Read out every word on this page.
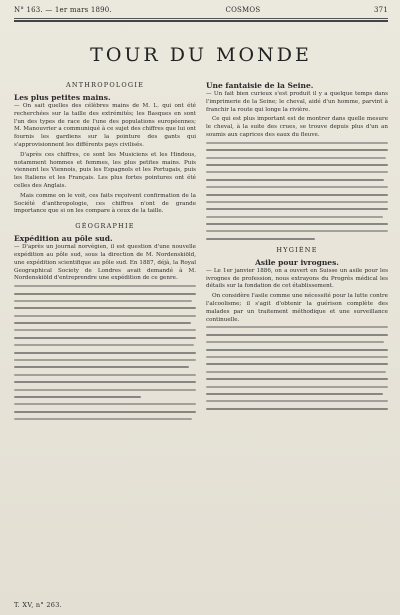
N° 163. — 1er mars 1890.	COSMOS	371
TOUR DU MONDE
ANTHROPOLOGIE
Les plus petites mains.

— On sait quelles des célèbres mains de M. L. qui ont été recherchées sur la taille des extrémités; les Basques en sont l'un des types de race de l'une des populations européennes; M. Manouvrier a communiqué à ce sujet des chiffres que lui ont fournis les gardiens sur la pointure des gants qui s'approvisionnent les différents pays civilisés.

D'après ces chiffres, ce sont les Musiciens et les Hindous, notamment hommes et femmes, les plus petites mains. Puis viennent les Viennois, puis les Espagnols et les Portugais, puis les Italiens et les Français. Les plus fortes pointures ont été celles des Anglais.

Mais comme on le voit, ces faits reçoivent confirmation de la Société d'anthropologie, ces chiffres n'ont de grande importance que si on les compare à ceux de la taille.

GÉOGRAPHIE
Expédition au pôle sud.

— D'après un journal norvégien, il est question d'une nouvelle expédition au pôle sud, sous la direction de M. Nordenskiöld, une expédition scientifique au pôle sud. En 1887, déjà, la Royal Geographical Society de Londres avait demandé à M. Nordenskiöld d'entreprendre une expédition de ce genre.

Une fantaisie de la Seine.

— Un fait bien curieux s'est produit il y a quelque temps dans l'imprimerie de la Seine; le cheval, aidé d'un homme, parvint à franchir la route qui longe la rivière.

Ce qui est plus important est de montrer dans quelle mesure le cheval, à la suite des crues, se trouve depuis plus d'un an soumis aux caprices des eaux du fleuve.

HYGIÈNE
Asile pour ivrognes.

— Le 1er janvier 1886, on a ouvert en Suisse un asile pour les ivrognes de profession, nous extrayons du Progrès médical les détails sur la fondation de cet établissement.

On considère l'asile comme une nécessité pour la lutte contre l'alcoolisme; il s'agit d'obtenir la guérison complète des malades par un traitement méthodique et une surveillance continuelle.

T. XV, n° 263.
